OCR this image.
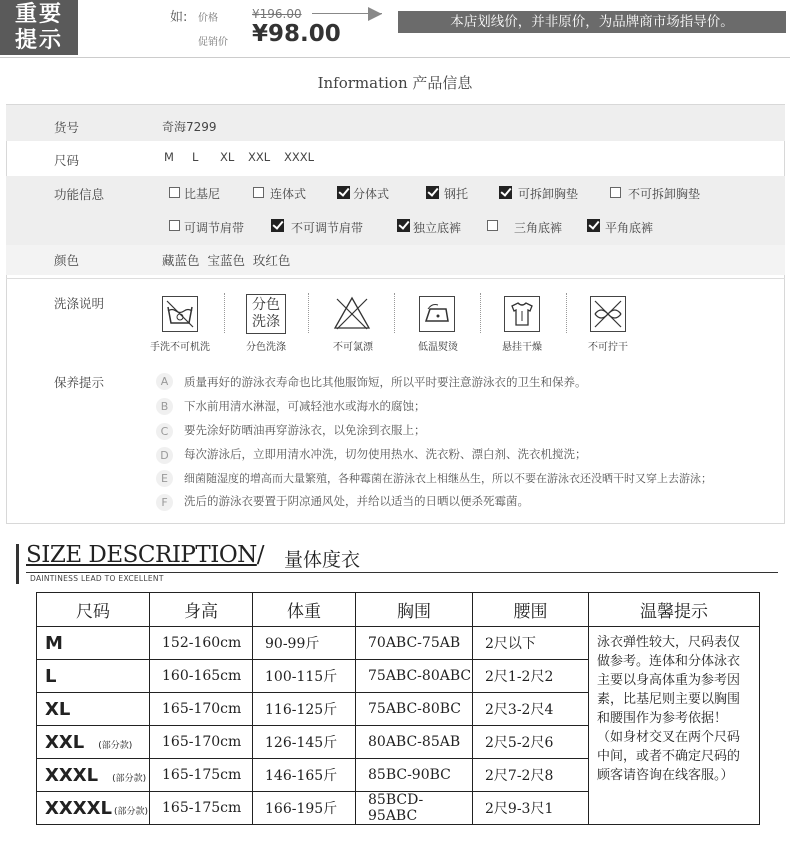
重要
提示
如: 价格	¥196.00
促销价 ¥98.00	本店划线价，并非原价，为品牌商市场指导价。
Information 产品信息
货号	奇海7299
尺码	M L XL XXL XXXL
功能信息	比基尼	连体式	分体式	钢托	可拆卸胸垫	不可拆卸胸垫
可调节肩带	不可调节肩带	独立底裤	三角底裤	平角底裤
颜色	藏蓝色  宝蓝色  玫红色
洗涤说明
手洗不可机洗
分色
洗涤
分色洗涤	不可氯漂	低温熨烫	悬挂干燥	不可拧干
保养提示	A	质量再好的游泳衣寿命也比其他服饰短，所以平时要注意游泳衣的卫生和保养。
B	下水前用清水淋湿，可减轻池水或海水的腐蚀；
C	要先涂好防晒油再穿游泳衣，以免涂到衣服上；
D	每次游泳后，立即用清水冲洗，切勿使用热水、洗衣粉、漂白剂、洗衣机搅洗；
E	细菌随湿度的增高而大量繁殖，各种霉菌在游泳衣上相继丛生，所以不要在游泳衣还没晒干时又穿上去游泳；
F	洗后的游泳衣要置于阴凉通风处，并给以适当的日晒以便杀死霉菌。
SIZE DESCRIPTION/ 量体度衣
DAINTINESS LEAD TO EXCELLENT
尺码	身高	体重	胸围	腰围	温馨提示
M	152-160cm	90-99斤	70ABC-75AB	2尺以下	泳衣弹性较大，尺码表仅做参考。连体和分体泳衣主要以身高体重为参考因素，比基尼则主要以胸围和腰围作为参考依据！（如身材交叉在两个尺码中间，或者不确定尺码的顾客请咨询在线客服。）
L	160-165cm	100-115斤	75ABC-80ABC	2尺1-2尺2	
XL	165-170cm	116-125斤	75ABC-80BC	2尺3-2尺4	
XXL (部分款)	165-170cm	126-145斤	80ABC-85AB	2尺5-2尺6	
XXXL (部分款)	165-175cm	146-165斤	85BC-90BC	2尺7-2尺8	
XXXXL (部分款)	165-175cm	166-195斤	85BCD-95ABC	2尺9-3尺1	
